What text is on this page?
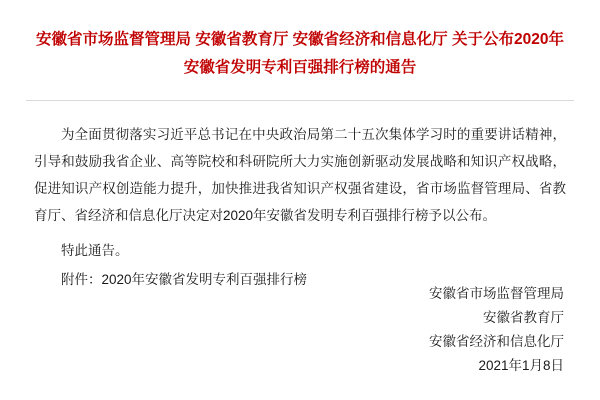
安徽省市场监督管理局 安徽省教育厅 安徽省经济和信息化厅 关于公布2020年安徽省发明专利百强排行榜的通告

为全面贯彻落实习近平总书记在中央政治局第二十五次集体学习时的重要讲话精神，引导和鼓励我省企业、高等院校和科研院所大力实施创新驱动发展战略和知识产权战略，促进知识产权创造能力提升，加快推进我省知识产权强省建设，省市场监督管理局、省教育厅、省经济和信息化厅决定对2020年安徽省发明专利百强排行榜予以公布。

特此通告。

附件：2020年安徽省发明专利百强排行榜

安徽省市场监督管理局
安徽省教育厅
安徽省经济和信息化厅
2021年1月8日
